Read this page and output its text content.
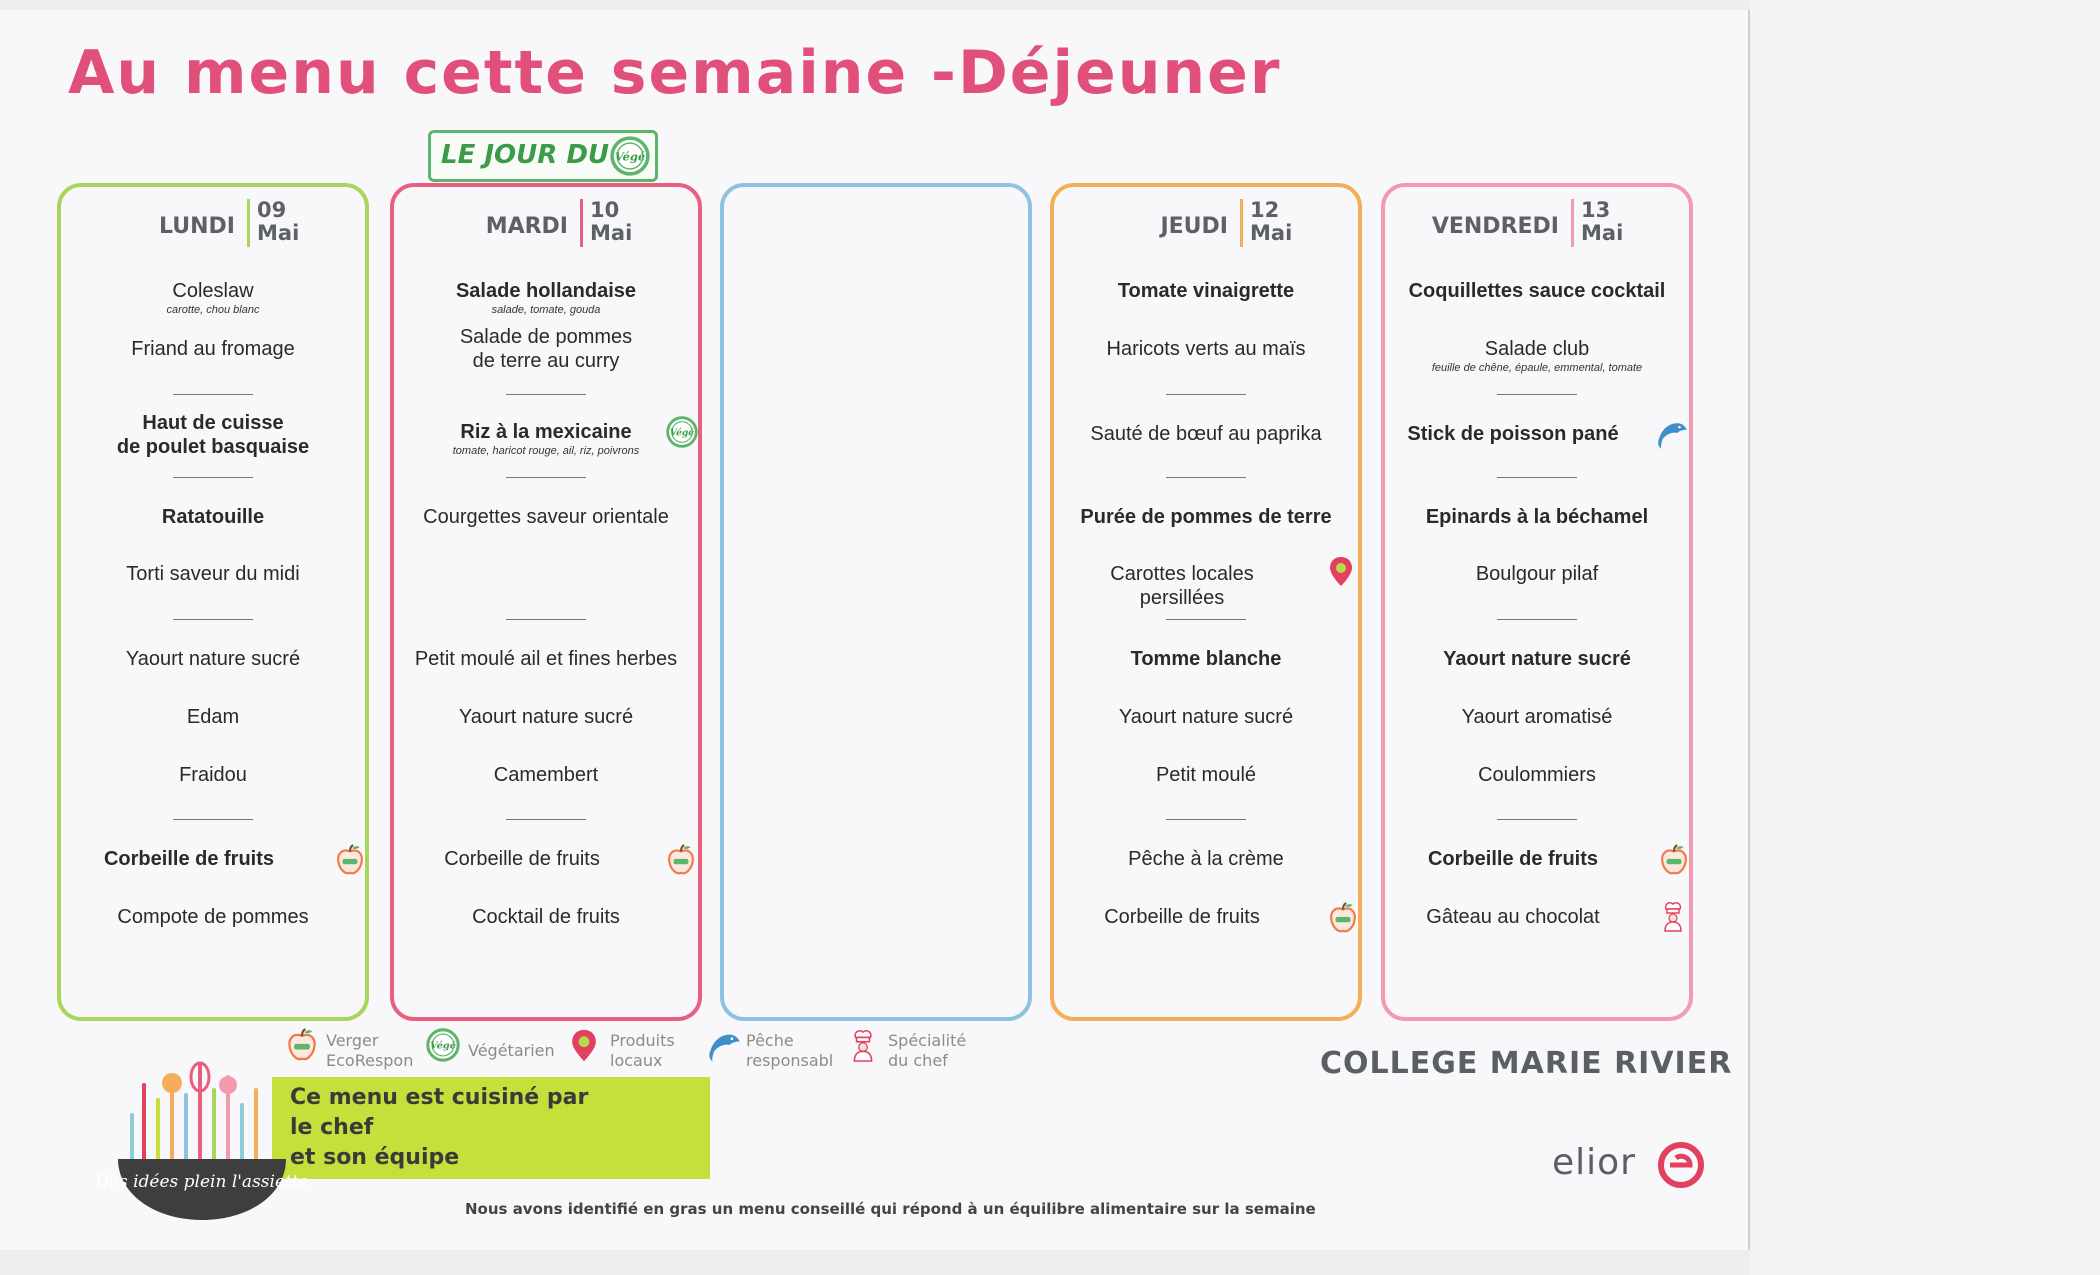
Au menu cette semaine -Déjeuner
LE JOUR DU
LUNDI
09
Mai
Coleslaw
carotte, chou blanc
Friand au fromage
Haut de cuisse
de poulet basquaise
Ratatouille
Torti saveur du midi
Yaourt nature sucré
Edam
Fraidou
Corbeille de fruits
Compote de pommes
MARDI
10
Mai
Salade hollandaise
salade, tomate, gouda
Salade de pommes
de terre au curry
Riz à la mexicaine
tomate, haricot rouge, ail, riz, poivrons
Courgettes saveur orientale
Petit moulé ail et fines herbes
Yaourt nature sucré
Camembert
Corbeille de fruits
Cocktail de fruits
JEUDI
12
Mai
Tomate vinaigrette
Haricots verts au maïs
Sauté de bœuf au paprika
Purée de pommes de terre
Carottes locales persillées
Tomme blanche
Yaourt nature sucré
Petit moulé
Pêche à la crème
Corbeille de fruits
VENDREDI
13
Mai
Coquillettes sauce cocktail
Salade club
feuille de chêne, épaule, emmental, tomate
Stick de poisson pané
Epinards à la béchamel
Boulgour pilaf
Yaourt nature sucré
Yaourt aromatisé
Coulommiers
Corbeille de fruits
Gâteau au chocolat
Verger
EcoRespon
Végétarien
Produits
locaux
Pêche
responsabl
Spécialité
du chef	COLLEGE MARIE RIVIER
Ce menu est cuisiné par
le chef
et son équipe
Des idées plein l'assiette	elior
Nous avons identifié en gras un menu conseillé qui répond à un équilibre alimentaire sur la semaine
